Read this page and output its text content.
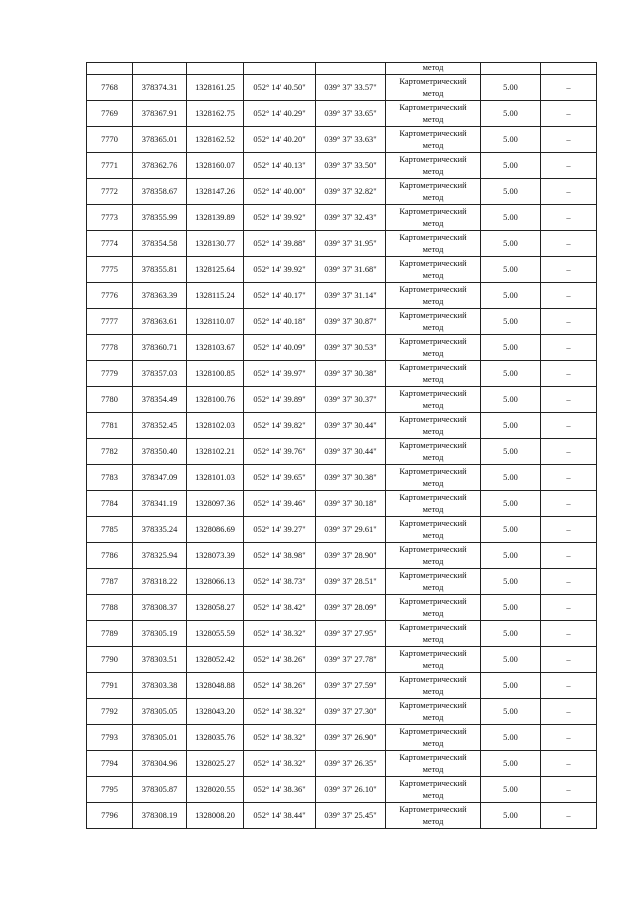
					метод		

7768	378374.31	1328161.25	052° 14' 40.50"	039° 37' 33.57"	Картометрический
метод	5.00	–
7769	378367.91	1328162.75	052° 14' 40.29"	039° 37' 33.65"	Картометрический
метод	5.00	–
7770	378365.01	1328162.52	052° 14' 40.20"	039° 37' 33.63"	Картометрический
метод	5.00	–
7771	378362.76	1328160.07	052° 14' 40.13"	039° 37' 33.50"	Картометрический
метод	5.00	–
7772	378358.67	1328147.26	052° 14' 40.00"	039° 37' 32.82"	Картометрический
метод	5.00	–
7773	378355.99	1328139.89	052° 14' 39.92"	039° 37' 32.43"	Картометрический
метод	5.00	–
7774	378354.58	1328130.77	052° 14' 39.88"	039° 37' 31.95"	Картометрический
метод	5.00	–
7775	378355.81	1328125.64	052° 14' 39.92"	039° 37' 31.68"	Картометрический
метод	5.00	–
7776	378363.39	1328115.24	052° 14' 40.17"	039° 37' 31.14"	Картометрический
метод	5.00	–
7777	378363.61	1328110.07	052° 14' 40.18"	039° 37' 30.87"	Картометрический
метод	5.00	–
7778	378360.71	1328103.67	052° 14' 40.09"	039° 37' 30.53"	Картометрический
метод	5.00	–
7779	378357.03	1328100.85	052° 14' 39.97"	039° 37' 30.38"	Картометрический
метод	5.00	–
7780	378354.49	1328100.76	052° 14' 39.89"	039° 37' 30.37"	Картометрический
метод	5.00	–
7781	378352.45	1328102.03	052° 14' 39.82"	039° 37' 30.44"	Картометрический
метод	5.00	–
7782	378350.40	1328102.21	052° 14' 39.76"	039° 37' 30.44"	Картометрический
метод	5.00	–
7783	378347.09	1328101.03	052° 14' 39.65"	039° 37' 30.38"	Картометрический
метод	5.00	–
7784	378341.19	1328097.36	052° 14' 39.46"	039° 37' 30.18"	Картометрический
метод	5.00	–
7785	378335.24	1328086.69	052° 14' 39.27"	039° 37' 29.61"	Картометрический
метод	5.00	–
7786	378325.94	1328073.39	052° 14' 38.98"	039° 37' 28.90"	Картометрический
метод	5.00	–
7787	378318.22	1328066.13	052° 14' 38.73"	039° 37' 28.51"	Картометрический
метод	5.00	–
7788	378308.37	1328058.27	052° 14' 38.42"	039° 37' 28.09"	Картометрический
метод	5.00	–
7789	378305.19	1328055.59	052° 14' 38.32"	039° 37' 27.95"	Картометрический
метод	5.00	–
7790	378303.51	1328052.42	052° 14' 38.26"	039° 37' 27.78"	Картометрический
метод	5.00	–
7791	378303.38	1328048.88	052° 14' 38.26"	039° 37' 27.59"	Картометрический
метод	5.00	–
7792	378305.05	1328043.20	052° 14' 38.32"	039° 37' 27.30"	Картометрический
метод	5.00	–
7793	378305.01	1328035.76	052° 14' 38.32"	039° 37' 26.90"	Картометрический
метод	5.00	–
7794	378304.96	1328025.27	052° 14' 38.32"	039° 37' 26.35"	Картометрический
метод	5.00	–
7795	378305.87	1328020.55	052° 14' 38.36"	039° 37' 26.10"	Картометрический
метод	5.00	–
7796	378308.19	1328008.20	052° 14' 38.44"	039° 37' 25.45"	Картометрический
метод	5.00	–
